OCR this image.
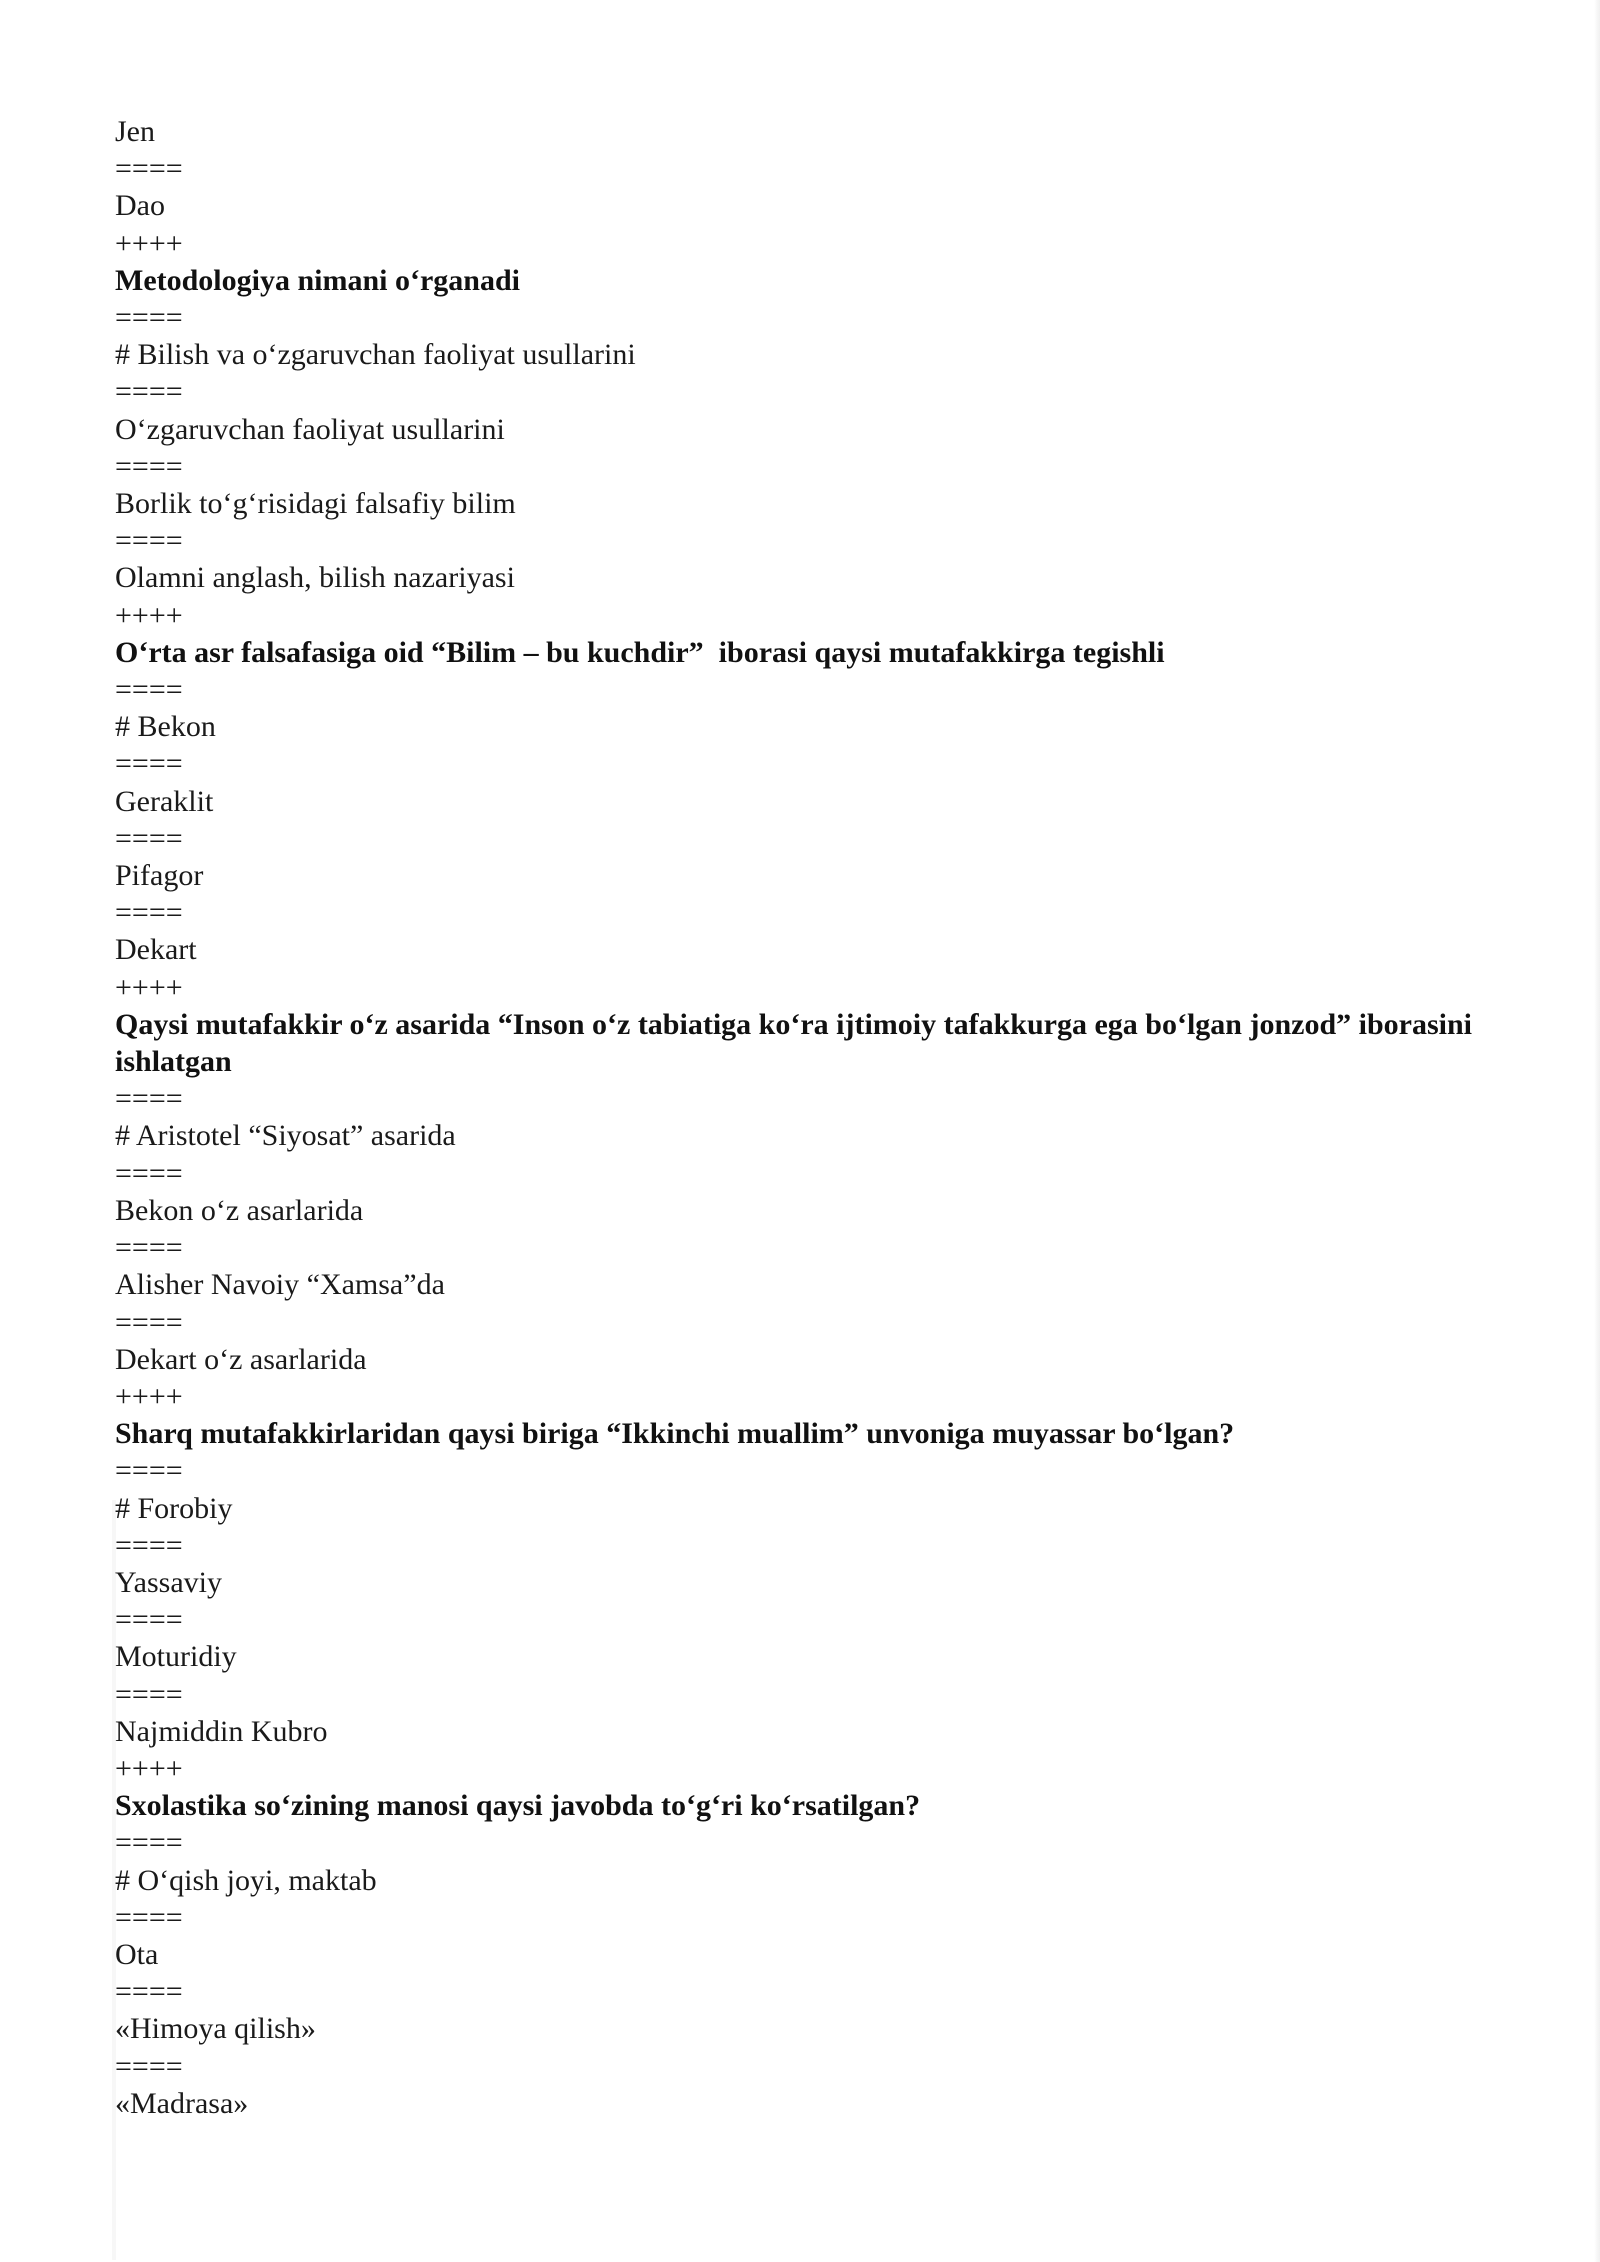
Jen
====
Dao
++++
Metodologiya nimani o‘rganadi
====
# Bilish va o‘zgaruvchan faoliyat usullarini
====
O‘zgaruvchan faoliyat usullarini
====
Borlik to‘g‘risidagi falsafiy bilim
====
Olamni anglash, bilish nazariyasi
++++
O‘rta asr falsafasiga oid “Bilim – bu kuchdir”  iborasi qaysi mutafakkirga tegishli
====
# Bekon
====
Geraklit
====
Pifagor
====
Dekart
++++
Qaysi mutafakkir o‘z asarida “Inson o‘z tabiatiga ko‘ra ijtimoiy tafakkurga ega bo‘lgan jonzod” iborasini ishlatgan
====
# Aristotel “Siyosat” asarida
====
Bekon o‘z asarlarida
====
Alisher Navoiy “Xamsa”da
====
Dekart o‘z asarlarida
++++
Sharq mutafakkirlaridan qaysi biriga “Ikkinchi muallim” unvoniga muyassar bo‘lgan?
====
# Forobiy
====
Yassaviy
====
Moturidiy
====
Najmiddin Kubro
++++
Sxolastika so‘zining manosi qaysi javobda to‘g‘ri ko‘rsatilgan?
====
# O‘qish joyi, maktab
====
Ota
====
«Himoya qilish»
====
«Madrasa»
